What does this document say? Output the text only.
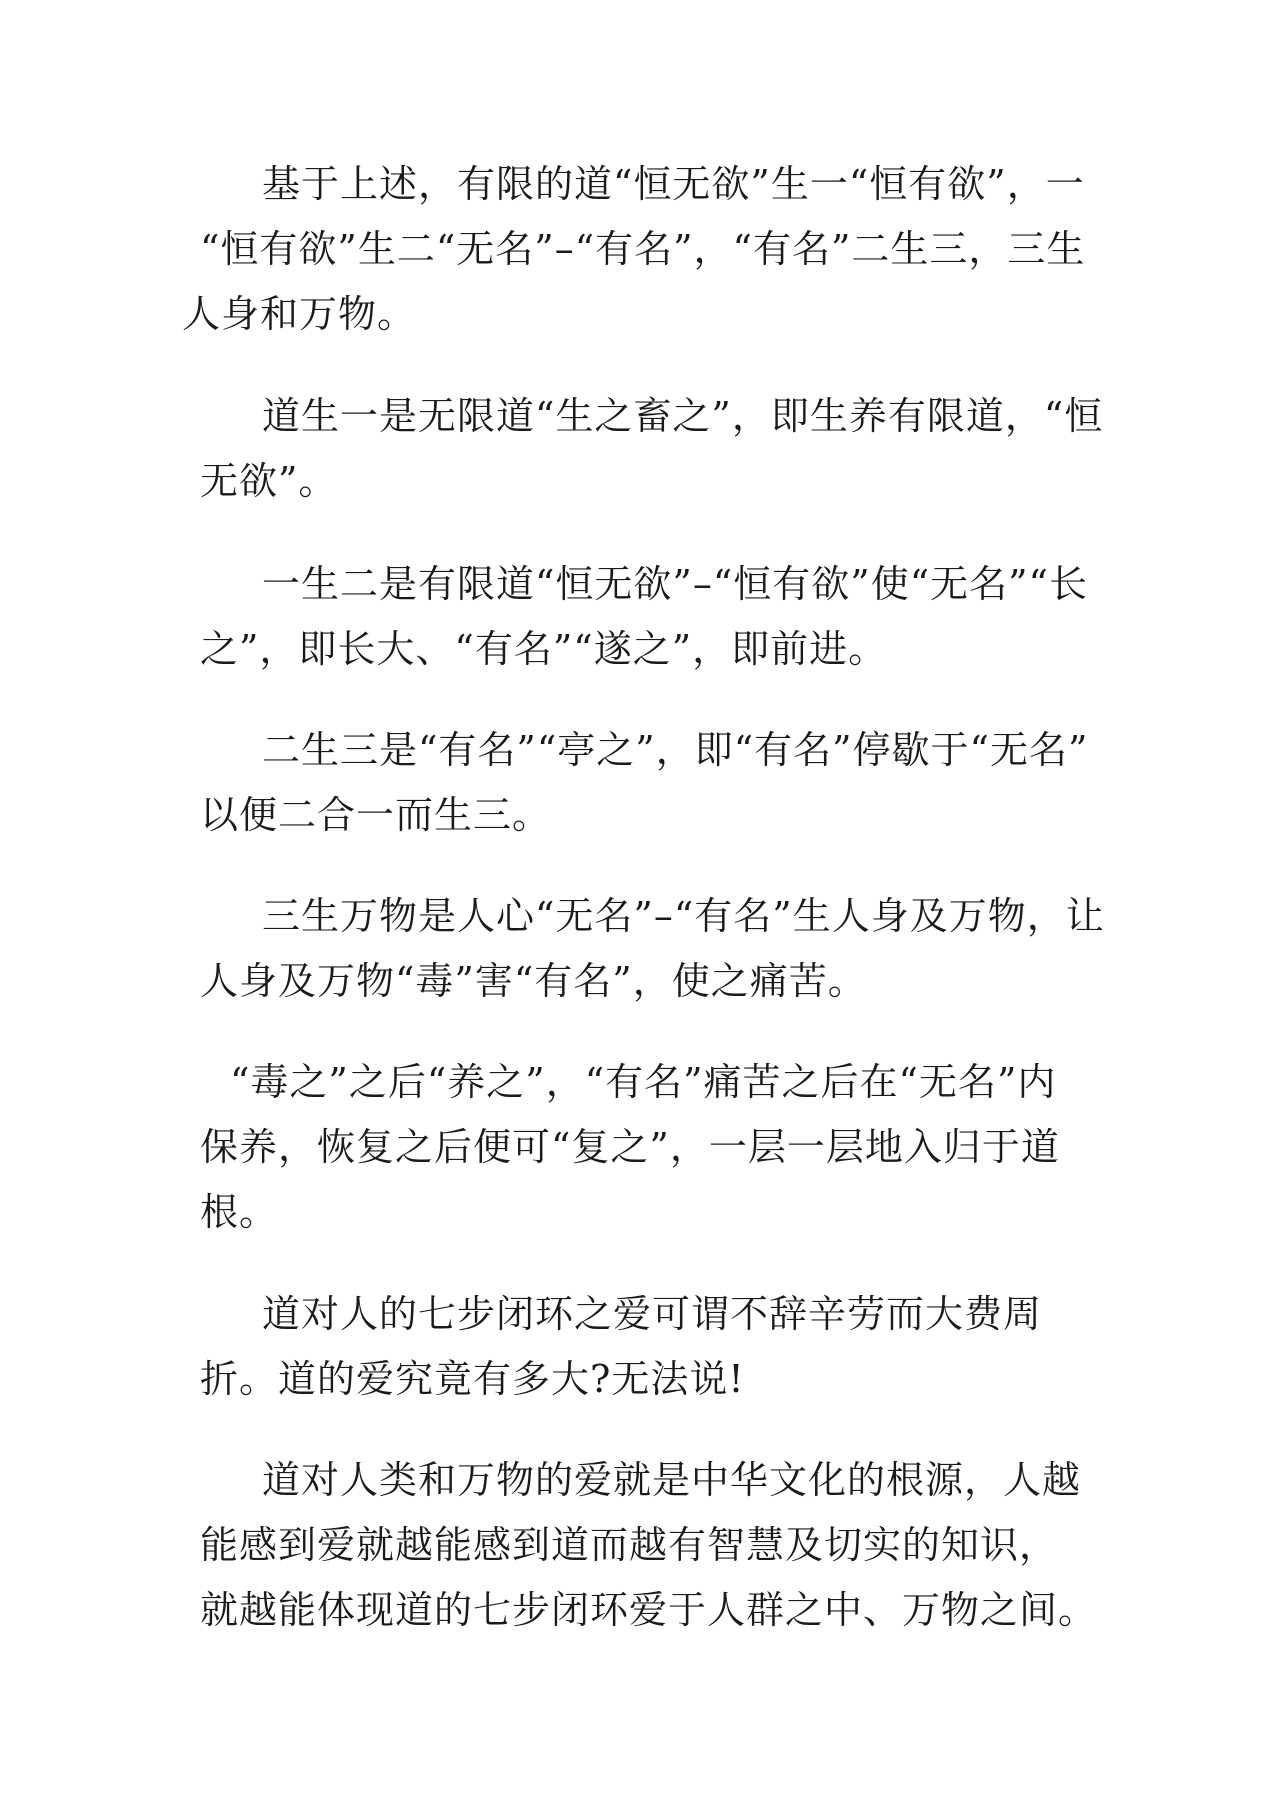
基于上述，有限的道“恒无欲”生一“恒有欲”，一
“恒有欲”生二“无名”–“有名”，“有名”二生三，三生
人身和万物。

道生一是无限道“生之畜之”，即生养有限道，“恒
无欲”。

一生二是有限道“恒无欲”–“恒有欲”使“无名”“长
之”，即长大、“有名”“遂之”，即前进。

二生三是“有名”“亭之”，即“有名”停歇于“无名”
以便二合一而生三。

三生万物是人心“无名”–“有名”生人身及万物，让
人身及万物“毒”害“有名”，使之痛苦。

“毒之”之后“养之”，“有名”痛苦之后在“无名”内
保养，恢复之后便可“复之”，一层一层地入归于道
根。

道对人的七步闭环之爱可谓不辞辛劳而大费周
折。道的爱究竟有多大?无法说!

道对人类和万物的爱就是中华文化的根源，人越
能感到爱就越能感到道而越有智慧及切实的知识，
就越能体现道的七步闭环爱于人群之中、万物之间。
